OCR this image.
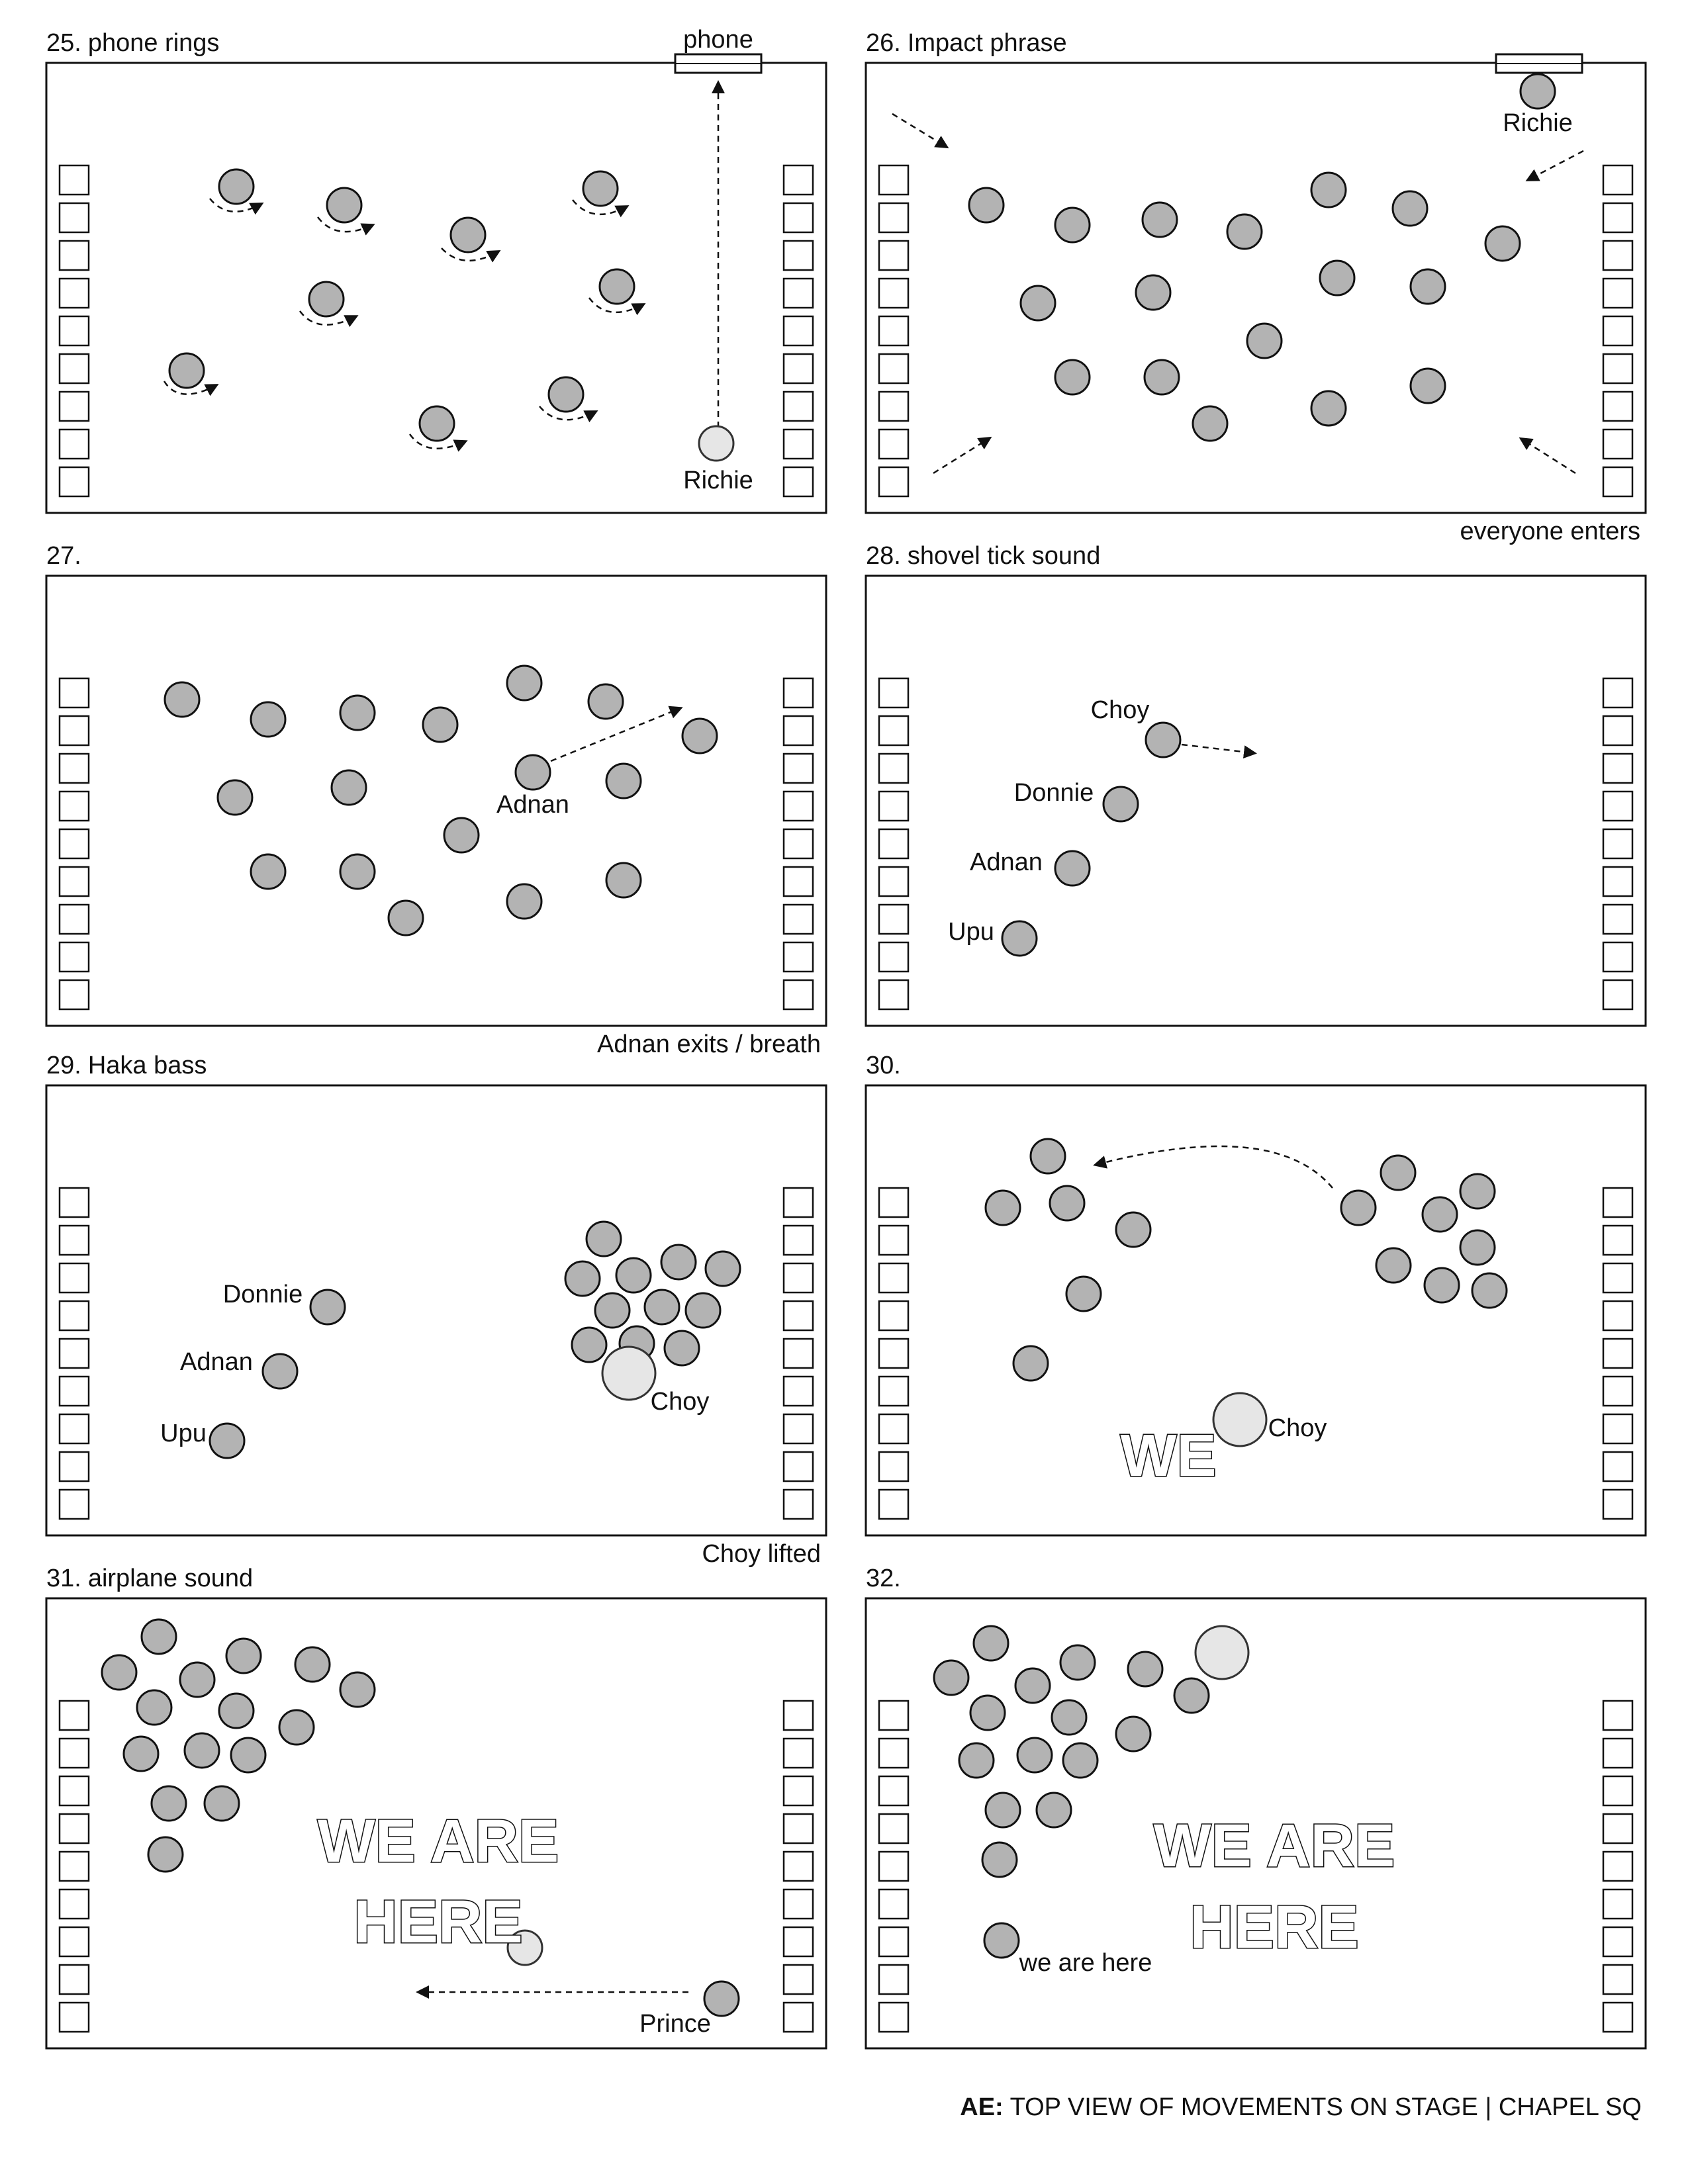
25. phone rings	phone
Richie
26. Impact phrase
Richie
everyone enters
27.
Adnan
Adnan exits / breath
28. shovel tick sound
Choy
Donnie
Adnan
Upu
29. Haka bass
Donnie
Adnan
Upu
Choy
Choy lifted
30.
Choy
WE
31. airplane sound
Prince
WE ARE
HERE
32.
we are here
WE ARE
HERE
AE: TOP VIEW OF MOVEMENTS ON STAGE | CHAPEL SQ
